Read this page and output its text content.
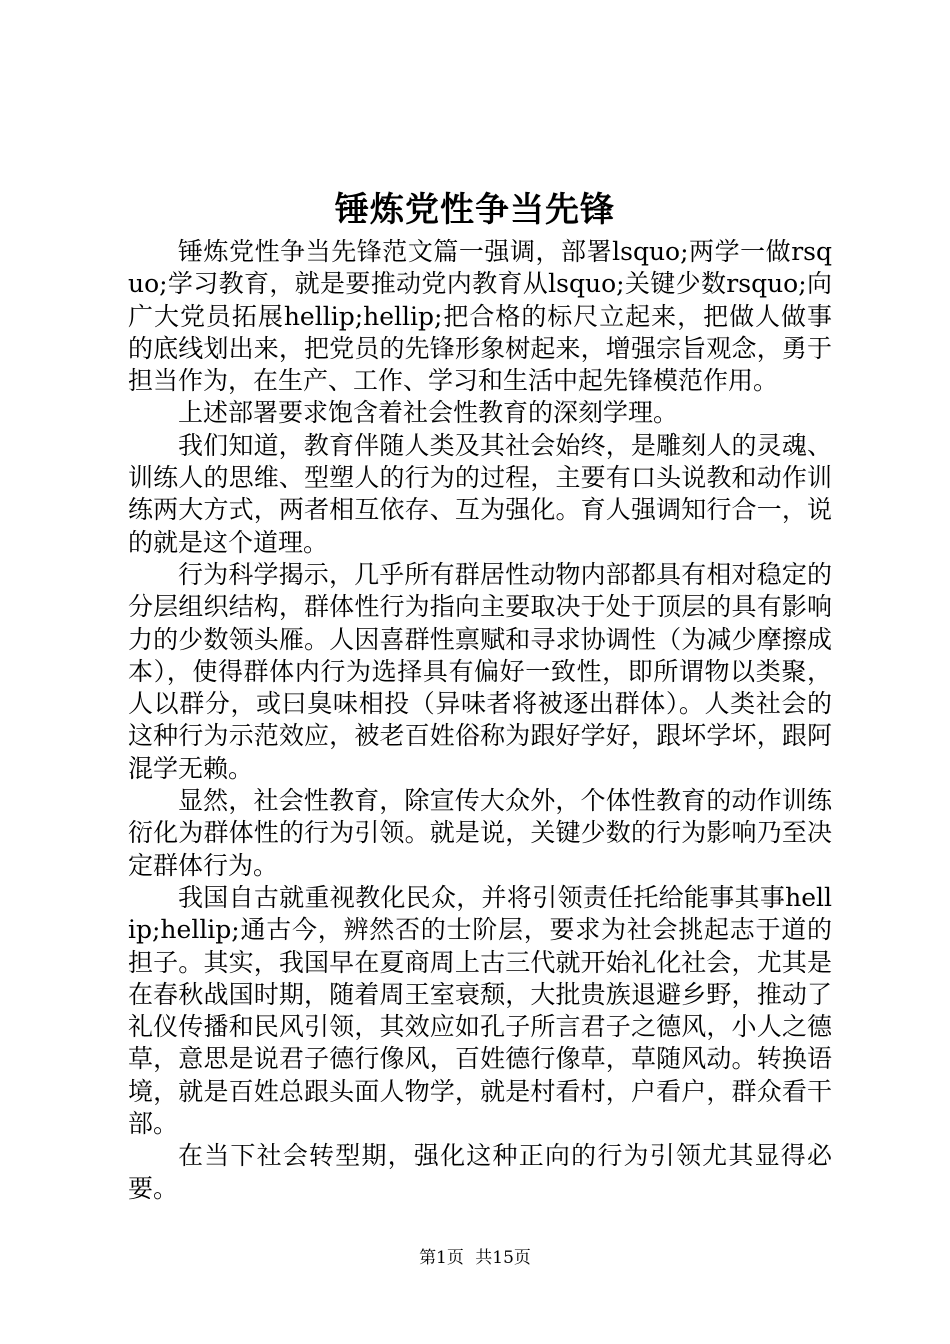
锤炼党性争当先锋

锤炼党性争当先锋范文篇一强调，部署lsquo;两学一做rsquo;学习教育，就是要推动党内教育从lsquo;关键少数rsquo;向广大党员拓展hellip;hellip;把合格的标尺立起来，把做人做事的底线划出来，把党员的先锋形象树起来，增强宗旨观念，勇于担当作为，在生产、工作、学习和生活中起先锋模范作用。

上述部署要求饱含着社会性教育的深刻学理。

我们知道，教育伴随人类及其社会始终，是雕刻人的灵魂、训练人的思维、型塑人的行为的过程，主要有口头说教和动作训练两大方式，两者相互依存、互为强化。育人强调知行合一，说的就是这个道理。

行为科学揭示，几乎所有群居性动物内部都具有相对稳定的分层组织结构，群体性行为指向主要取决于处于顶层的具有影响力的少数领头雁。人因喜群性禀赋和寻求协调性（为减少摩擦成本），使得群体内行为选择具有偏好一致性，即所谓物以类聚，人以群分，或曰臭味相投（异味者将被逐出群体）。人类社会的这种行为示范效应，被老百姓俗称为跟好学好，跟坏学坏，跟阿混学无赖。

显然，社会性教育，除宣传大众外，个体性教育的动作训练衍化为群体性的行为引领。就是说，关键少数的行为影响乃至决定群体行为。

我国自古就重视教化民众，并将引领责任托给能事其事hellip;hellip;通古今，辨然否的士阶层，要求为社会挑起志于道的担子。其实，我国早在夏商周上古三代就开始礼化社会，尤其是在春秋战国时期，随着周王室衰颓，大批贵族退避乡野，推动了礼仪传播和民风引领，其效应如孔子所言君子之德风，小人之德草，意思是说君子德行像风，百姓德行像草，草随风动。转换语境，就是百姓总跟头面人物学，就是村看村，户看户，群众看干部。

在当下社会转型期，强化这种正向的行为引领尤其显得必要。

第1页 共15页
